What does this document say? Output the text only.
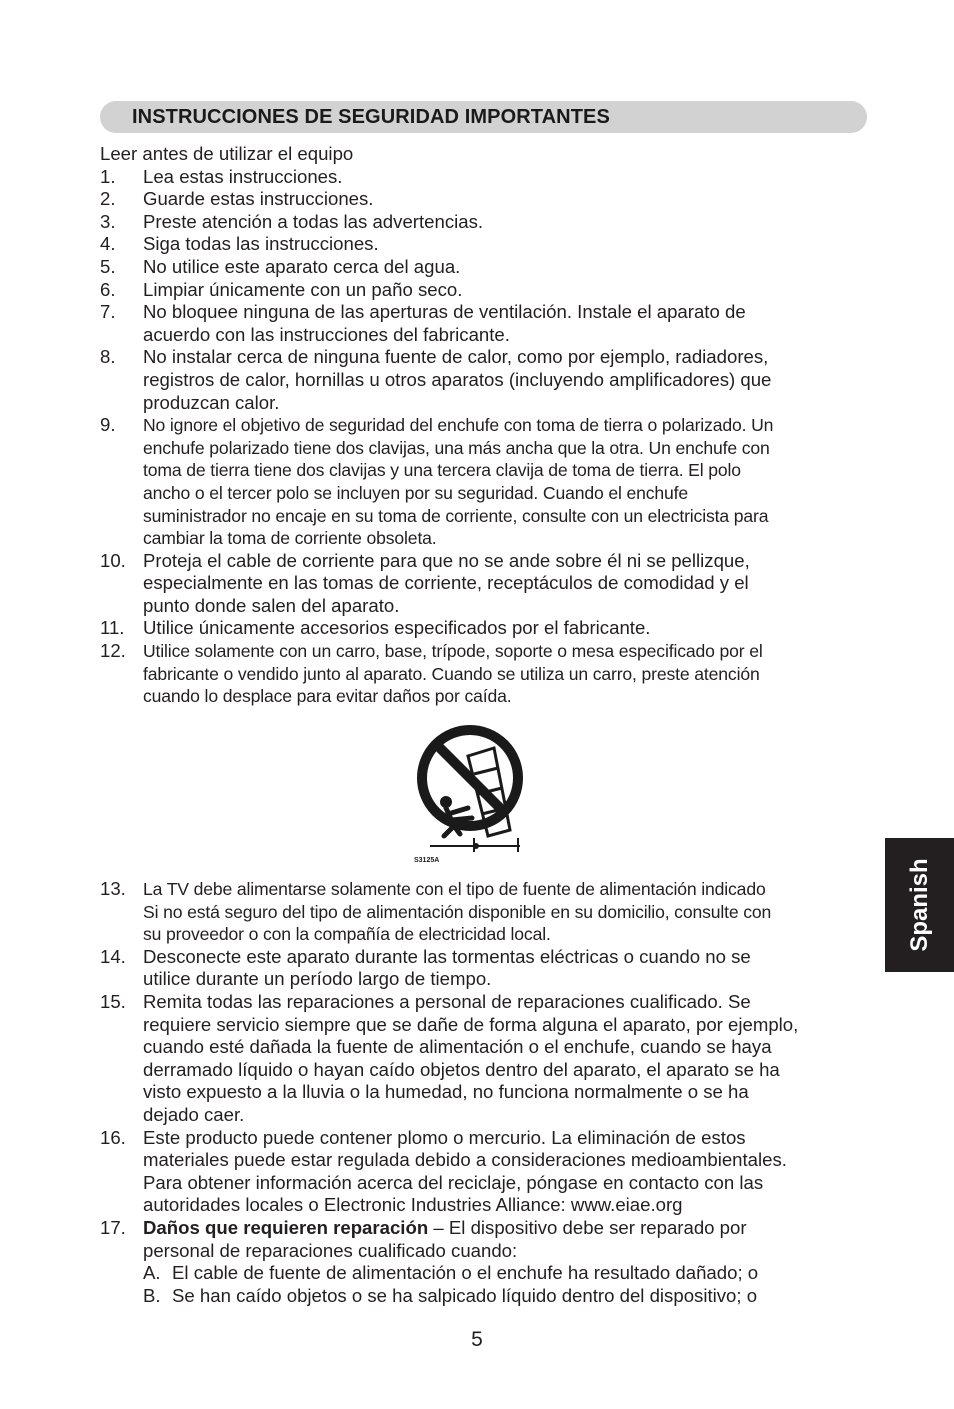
INSTRUCCIONES DE SEGURIDAD IMPORTANTES
Leer antes de utilizar el equipo
1. Lea estas instrucciones.
2. Guarde estas instrucciones.
3. Preste atención a todas las advertencias.
4. Siga todas las instrucciones.
5. No utilice este aparato cerca del agua.
6. Limpiar únicamente con un paño seco.
7. No bloquee ninguna de las aperturas de ventilación. Instale el aparato de
acuerdo con las instrucciones del fabricante.
8. No instalar cerca de ninguna fuente de calor, como por ejemplo, radiadores,
registros de calor, hornillas u otros aparatos (incluyendo amplificadores) que
produzcan calor.
9. No ignore el objetivo de seguridad del enchufe con toma de tierra o polarizado. Un
enchufe polarizado tiene dos clavijas, una más ancha que la otra. Un enchufe con
toma de tierra tiene dos clavijas y una tercera clavija de toma de tierra. El polo
ancho o el tercer polo se incluyen por su seguridad. Cuando el enchufe
suministrador no encaje en su toma de corriente, consulte con un electricista para
cambiar la toma de corriente obsoleta.
10. Proteja el cable de corriente para que no se ande sobre él ni se pellizque,
especialmente en las tomas de corriente, receptáculos de comodidad y el
punto donde salen del aparato.
11. Utilice únicamente accesorios especificados por el fabricante.
12. Utilice solamente con un carro, base, trípode, soporte o mesa especificado por el
fabricante o vendido junto al aparato. Cuando se utiliza un carro, preste atención
cuando lo desplace para evitar daños por caída.
S3125A
13. La TV debe alimentarse solamente con el tipo de fuente de alimentación indicado
Si no está seguro del tipo de alimentación disponible en su domicilio, consulte con
su proveedor o con la compañía de electricidad local.
14. Desconecte este aparato durante las tormentas eléctricas o cuando no se
utilice durante un período largo de tiempo.
15. Remita todas las reparaciones a personal de reparaciones cualificado. Se
requiere servicio siempre que se dañe de forma alguna el aparato, por ejemplo,
cuando esté dañada la fuente de alimentación o el enchufe, cuando se haya
derramado líquido o hayan caído objetos dentro del aparato, el aparato se ha
visto expuesto a la lluvia o la humedad, no funciona normalmente o se ha
dejado caer.
16. Este producto puede contener plomo o mercurio. La eliminación de estos
materiales puede estar regulada debido a consideraciones medioambientales.
Para obtener información acerca del reciclaje, póngase en contacto con las
autoridades locales o Electronic Industries Alliance: www.eiae.org
17. Daños que requieren reparación – El dispositivo debe ser reparado por
personal de reparaciones cualificado cuando:
A. El cable de fuente de alimentación o el enchufe ha resultado dañado; o
B. Se han caído objetos o se ha salpicado líquido dentro del dispositivo; o
Spanish
5
